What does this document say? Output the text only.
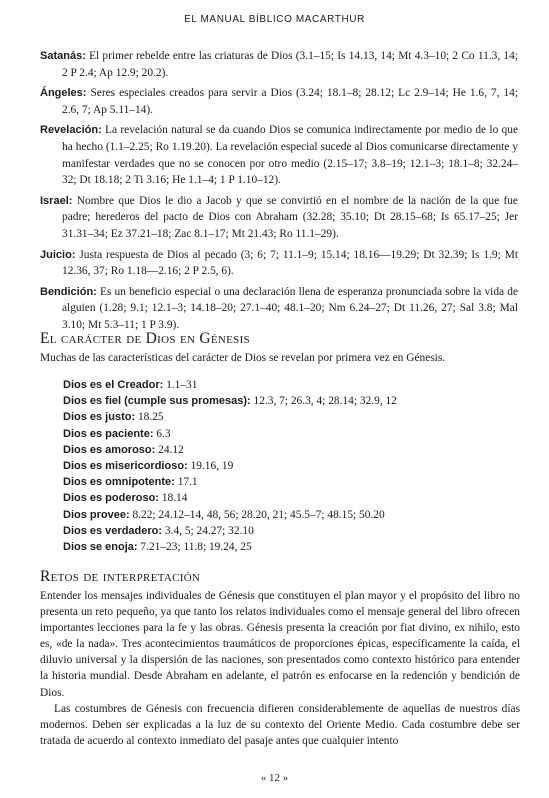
EL MANUAL BÍBLICO MACARTHUR

Satanás: El primer rebelde entre las criaturas de Dios (3.1–15; Is 14.13, 14; Mt 4.3–10; 2 Co 11.3, 14; 2 P 2.4; Ap 12.9; 20.2).

Ángeles: Seres especiales creados para servir a Dios (3.24; 18.1–8; 28.12; Lc 2.9–14; He 1.6, 7, 14; 2.6, 7; Ap 5.11–14).

Revelación: La revelación natural se da cuando Dios se comunica indirectamente por medio de lo que ha hecho (1.1–2.25; Ro 1.19.20). La revelación especial sucede al Dios comunicarse directamente y manifestar verdades que no se conocen por otro medio (2.15–17; 3.8–19; 12.1–3; 18.1–8; 32.24–32; Dt 18.18; 2 Ti 3.16; He 1.1–4; 1 P 1.10–12).

Israel: Nombre que Dios le dio a Jacob y que se convirtió en el nombre de la nación de la que fue padre; herederos del pacto de Dios con Abraham (32.28; 35.10; Dt 28.15–68; Is 65.17–25; Jer 31.31–34; Ez 37.21–18; Zac 8.1–17; Mt 21.43; Ro 11.1–29).

Juicio: Justa respuesta de Dios al pecado (3; 6; 7; 11.1–9; 15.14; 18.16—19.29; Dt 32.39; Is 1.9; Mt 12.36, 37; Ro 1.18—2.16; 2 P 2.5, 6).

Bendición: Es un beneficio especial o una declaración llena de esperanza pronunciada sobre la vida de alguien (1.28; 9.1; 12.1–3; 14.18–20; 27.1–40; 48.1–20; Nm 6.24–27; Dt 11.26, 27; Sal 3.8; Mal 3.10; Mt 5.3–11; 1 P 3.9).

El carácter de Dios en Génesis
Muchas de las características del carácter de Dios se revelan por primera vez en Génesis.
Dios es el Creador: 1.1–31
Dios es fiel (cumple sus promesas): 12.3, 7; 26.3, 4; 28.14; 32.9, 12
Dios es justo: 18.25
Dios es paciente: 6.3
Dios es amoroso: 24.12
Dios es misericordioso: 19.16, 19
Dios es omnipotente: 17.1
Dios es poderoso: 18.14
Dios provee: 8.22; 24.12–14, 48, 56; 28.20, 21; 45.5–7; 48.15; 50.20
Dios es verdadero: 3.4, 5; 24.27; 32.10
Dios se enoja: 7.21–23; 11.8; 19.24, 25
Retos de interpretación

Entender los mensajes individuales de Génesis que constituyen el plan mayor y el propósito del libro no presenta un reto pequeño, ya que tanto los relatos individuales como el mensaje general del libro ofrecen importantes lecciones para la fe y las obras. Génesis presenta la creación por fiat divino, ex nihilo, esto es, «de la nada». Tres acontecimientos traumáticos de proporciones épicas, específicamente la caída, el diluvio universal y la dispersión de las naciones, son presentados como contexto histórico para entender la historia mundial. Desde Abraham en adelante, el patrón es enfocarse en la redención y bendición de Dios.

Las costumbres de Génesis con frecuencia difieren considerablemente de aquellas de nuestros días modernos. Deben ser explicadas a la luz de su contexto del Oriente Medio. Cada costumbre debe ser tratada de acuerdo al contexto inmediato del pasaje antes que cualquier intento

« 12 »
